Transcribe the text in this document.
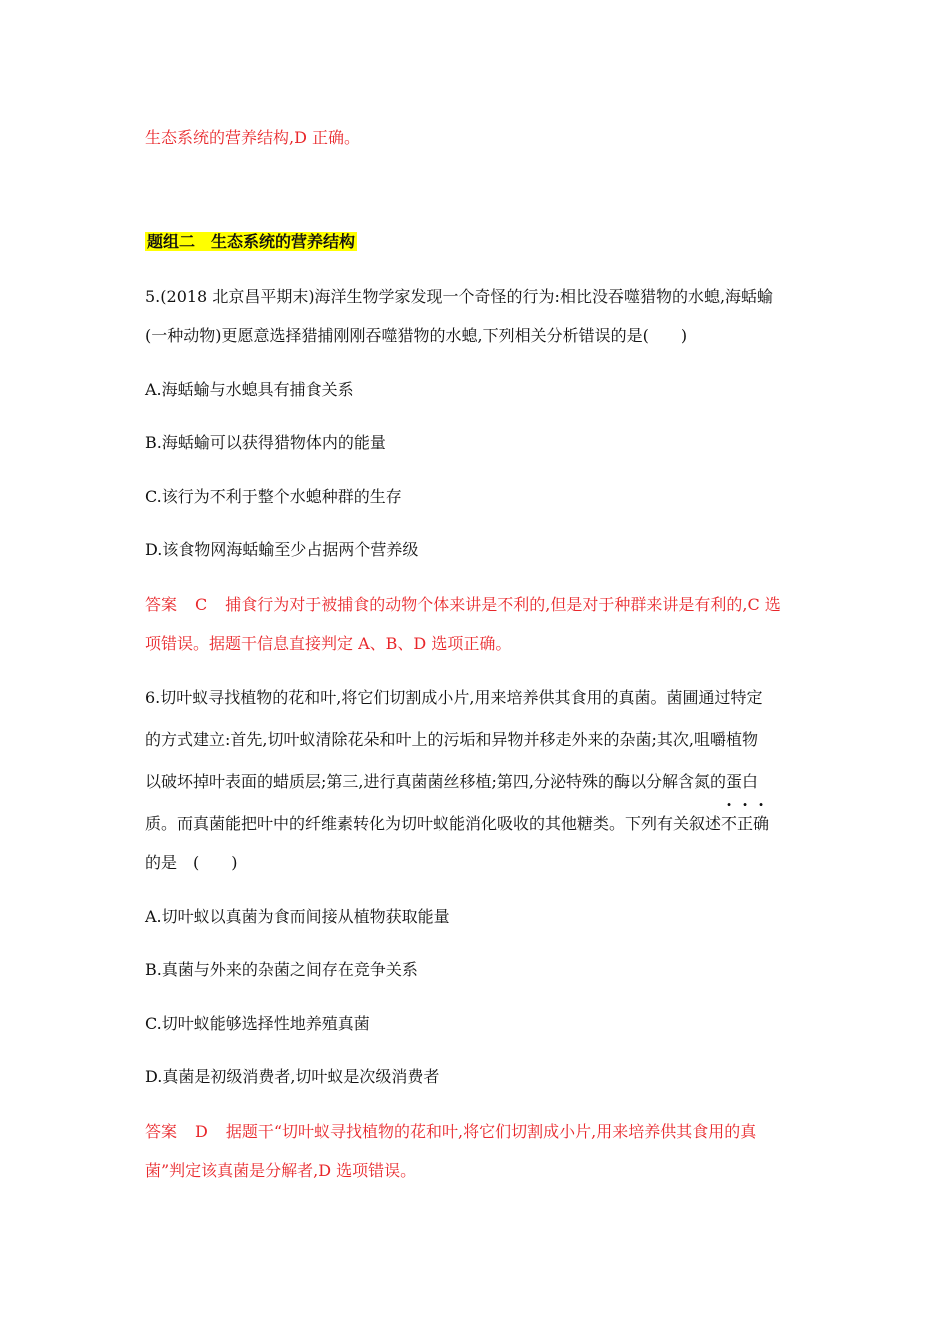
生态系统的营养结构,D 正确。
题组二　生态系统的营养结构
5.(2018 北京昌平期末)海洋生物学家发现一个奇怪的行为:相比没吞噬猎物的水螅,海蛞蝓
(一种动物)更愿意选择猎捕刚刚吞噬猎物的水螅,下列相关分析错误的是(　　)
A.海蛞蝓与水螅具有捕食关系
B.海蛞蝓可以获得猎物体内的能量
C.该行为不利于整个水螅种群的生存
D.该食物网海蛞蝓至少占据两个营养级
答案 C 捕食行为对于被捕食的动物个体来讲是不利的,但是对于种群来讲是有利的,C 选
项错误。据题干信息直接判定 A、B、D 选项正确。
6.切叶蚁寻找植物的花和叶,将它们切割成小片,用来培养供其食用的真菌。菌圃通过特定
的方式建立:首先,切叶蚁清除花朵和叶上的污垢和异物并移走外来的杂菌;其次,咀嚼植物
以破坏掉叶表面的蜡质层;第三,进行真菌菌丝移植;第四,分泌特殊的酶以分解含氮的蛋白
质。而真菌能把叶中的纤维素转化为切叶蚁能消化吸收的其他糖类。下列有关叙述不正确
的是　(　　)
A.切叶蚁以真菌为食而间接从植物获取能量
B.真菌与外来的杂菌之间存在竞争关系
C.切叶蚁能够选择性地养殖真菌
D.真菌是初级消费者,切叶蚁是次级消费者
答案 D 据题干“切叶蚁寻找植物的花和叶,将它们切割成小片,用来培养供其食用的真
菌”判定该真菌是分解者,D 选项错误。
